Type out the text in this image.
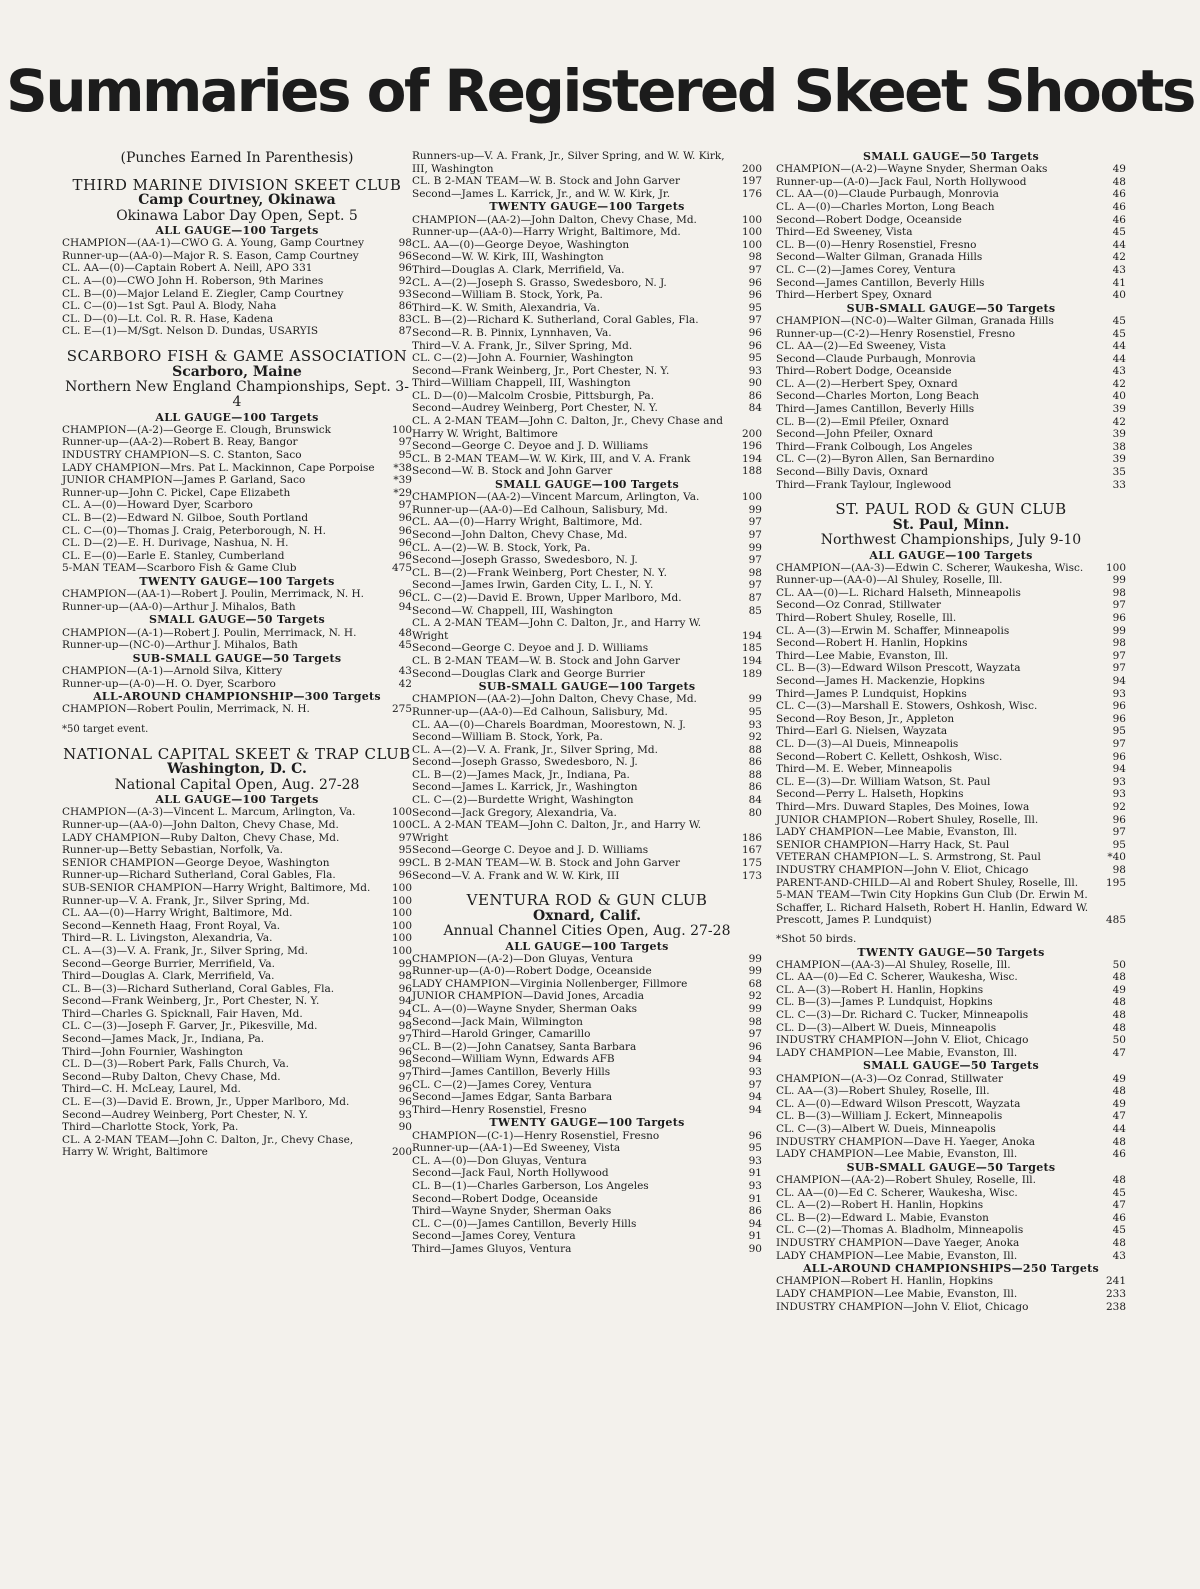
Summaries of Registered Skeet Shoots

(Punches Earned In Parenthesis)

THIRD MARINE DIVISION SKEET CLUB
Camp Courtney, Okinawa
Okinawa Labor Day Open, Sept. 5
ALL GAUGE—100 Targets
CHAMPION—(AA-1)—CWO G. A. Young, Gamp Courtney	98
Runner-up—(AA-0)—Major R. S. Eason, Camp Courtney	96
CL. AA—(0)—Captain Robert A. Neill, APO 331	96
CL. A—(0)—CWO John H. Roberson, 9th Marines	92
CL. B—(0)—Major Leland E. Ziegler, Camp Courtney	93
CL. C—(0)—1st Sgt. Paul A. Blody, Naha	86
CL. D—(0)—Lt. Col. R. R. Hase, Kadena	83
CL. E—(1)—M/Sgt. Nelson D. Dundas, USARYIS	87
SCARBORO FISH & GAME ASSOCIATION
Scarboro, Maine
Northern New England Championships, Sept. 3-4
ALL GAUGE—100 Targets
CHAMPION—(A-2)—George E. Clough, Brunswick	100
Runner-up—(AA-2)—Robert B. Reay, Bangor	97
INDUSTRY CHAMPION—S. C. Stanton, Saco	95
LADY CHAMPION—Mrs. Pat L. Mackinnon, Cape Porpoise	*38
JUNIOR CHAMPION—James P. Garland, Saco	*39
Runner-up—John C. Pickel, Cape Elizabeth	*29
CL. A—(0)—Howard Dyer, Scarboro	97
CL. B—(2)—Edward N. Gilboe, South Portland	96
CL. C—(0)—Thomas J. Craig, Peterborough, N. H.	96
CL. D—(2)—E. H. Durivage, Nashua, N. H.	96
CL. E—(0)—Earle E. Stanley, Cumberland	96
5-MAN TEAM—Scarboro Fish & Game Club	475
TWENTY GAUGE—100 Targets
CHAMPION—(AA-1)—Robert J. Poulin, Merrimack, N. H.	96
Runner-up—(AA-0)—Arthur J. Mihalos, Bath	94
SMALL GAUGE—50 Targets
CHAMPION—(A-1)—Robert J. Poulin, Merrimack, N. H.	48
Runner-up—(NC-0)—Arthur J. Mihalos, Bath	45
SUB-SMALL GAUGE—50 Targets
CHAMPION—(A-1)—Arnold Silva, Kittery	43
Runner-up—(A-0)—H. O. Dyer, Scarboro	42
ALL-AROUND CHAMPIONSHIP—300 Targets
CHAMPION—Robert Poulin, Merrimack, N. H.	275
*50 target event.
NATIONAL CAPITAL SKEET & TRAP CLUB
Washington, D. C.
National Capital Open, Aug. 27-28
ALL GAUGE—100 Targets
CHAMPION—(A-3)—Vincent L. Marcum, Arlington, Va.	100
Runner-up—(AA-0)—John Dalton, Chevy Chase, Md.	100
LADY CHAMPION—Ruby Dalton, Chevy Chase, Md.	97
Runner-up—Betty Sebastian, Norfolk, Va.	95
SENIOR CHAMPION—George Deyoe, Washington	99
Runner-up—Richard Sutherland, Coral Gables, Fla.	96
SUB-SENIOR CHAMPION—Harry Wright, Baltimore, Md.	100
Runner-up—V. A. Frank, Jr., Silver Spring, Md.	100
CL. AA—(0)—Harry Wright, Baltimore, Md.	100
Second—Kenneth Haag, Front Royal, Va.	100
Third—R. L. Livingston, Alexandria, Va.	100
CL. A—(3)—V. A. Frank, Jr., Silver Spring, Md.	100
Second—George Burrier, Merrifield, Va.	99
Third—Douglas A. Clark, Merrifield, Va.	98
CL. B—(3)—Richard Sutherland, Coral Gables, Fla.	96
Second—Frank Weinberg, Jr., Port Chester, N. Y.	94
Third—Charles G. Spicknall, Fair Haven, Md.	94
CL. C—(3)—Joseph F. Garver, Jr., Pikesville, Md.	98
Second—James Mack, Jr., Indiana, Pa.	97
Third—John Fournier, Washington	96
CL. D—(3)—Robert Park, Falls Church, Va.	98
Second—Ruby Dalton, Chevy Chase, Md.	97
Third—C. H. McLeay, Laurel, Md.	96
CL. E—(3)—David E. Brown, Jr., Upper Marlboro, Md.	96
Second—Audrey Weinberg, Port Chester, N. Y.	93
Third—Charlotte Stock, York, Pa.	90
CL. A 2-MAN TEAM—John C. Dalton, Jr., Chevy Chase, Harry W. Wright, Baltimore	200
Runners-up—V. A. Frank, Jr., Silver Spring, and W. W. Kirk, III, Washington	200
CL. B 2-MAN TEAM—W. B. Stock and John Garver	197
Second—James L. Karrick, Jr., and W. W. Kirk, Jr.	176
TWENTY GAUGE—100 Targets
CHAMPION—(AA-2)—John Dalton, Chevy Chase, Md.	100
Runner-up—(AA-0)—Harry Wright, Baltimore, Md.	100
CL. AA—(0)—George Deyoe, Washington	100
Second—W. W. Kirk, III, Washington	98
Third—Douglas A. Clark, Merrifield, Va.	97
CL. A—(2)—Joseph S. Grasso, Swedesboro, N. J.	96
Second—William B. Stock, York, Pa.	96
Third—K. W. Smith, Alexandria, Va.	95
CL. B—(2)—Richard K. Sutherland, Coral Gables, Fla.	97
Second—R. B. Pinnix, Lynnhaven, Va.	96
Third—V. A. Frank, Jr., Silver Spring, Md.	96
CL. C—(2)—John A. Fournier, Washington	95
Second—Frank Weinberg, Jr., Port Chester, N. Y.	93
Third—William Chappell, III, Washington	90
CL. D—(0)—Malcolm Crosbie, Pittsburgh, Pa.	86
Second—Audrey Weinberg, Port Chester, N. Y.	84
CL. A 2-MAN TEAM—John C. Dalton, Jr., Chevy Chase and Harry W. Wright, Baltimore	200
Second—George C. Deyoe and J. D. Williams	196
CL. B 2-MAN TEAM—W. W. Kirk, III, and V. A. Frank	194
Second—W. B. Stock and John Garver	188
SMALL GAUGE—100 Targets
CHAMPION—(AA-2)—Vincent Marcum, Arlington, Va.	100
Runner-up—(AA-0)—Ed Calhoun, Salisbury, Md.	99
CL. AA—(0)—Harry Wright, Baltimore, Md.	97
Second—John Dalton, Chevy Chase, Md.	97
CL. A—(2)—W. B. Stock, York, Pa.	99
Second—Joseph Grasso, Swedesboro, N. J.	97
CL. B—(2)—Frank Weinberg, Port Chester, N. Y.	98
Second—James Irwin, Garden City, L. I., N. Y.	97
CL. C—(2)—David E. Brown, Upper Marlboro, Md.	87
Second—W. Chappell, III, Washington	85
CL. A 2-MAN TEAM—John C. Dalton, Jr., and Harry W. Wright	194
Second—George C. Deyoe and J. D. Williams	185
CL. B 2-MAN TEAM—W. B. Stock and John Garver	194
Second—Douglas Clark and George Burrier	189
SUB-SMALL GAUGE—100 Targets
CHAMPION—(AA-2)—John Dalton, Chevy Chase, Md.	99
Runner-up—(AA-0)—Ed Calhoun, Salisbury, Md.	95
CL. AA—(0)—Charels Boardman, Moorestown, N. J.	93
Second—William B. Stock, York, Pa.	92
CL. A—(2)—V. A. Frank, Jr., Silver Spring, Md.	88
Second—Joseph Grasso, Swedesboro, N. J.	86
CL. B—(2)—James Mack, Jr., Indiana, Pa.	88
Second—James L. Karrick, Jr., Washington	86
CL. C—(2)—Burdette Wright, Washington	84
Second—Jack Gregory, Alexandria, Va.	80
CL. A 2-MAN TEAM—John C. Dalton, Jr., and Harry W. Wright	186
Second—George C. Deyoe and J. D. Williams	167
CL. B 2-MAN TEAM—W. B. Stock and John Garver	175
Second—V. A. Frank and W. W. Kirk, III	173
VENTURA ROD & GUN CLUB
Oxnard, Calif.
Annual Channel Cities Open, Aug. 27-28
ALL GAUGE—100 Targets
CHAMPION—(A-2)—Don Gluyas, Ventura	99
Runner-up—(A-0)—Robert Dodge, Oceanside	99
LADY CHAMPION—Virginia Nollenberger, Fillmore	68
JUNIOR CHAMPION—David Jones, Arcadia	92
CL. A—(0)—Wayne Snyder, Sherman Oaks	99
Second—Jack Main, Wilmington	98
Third—Harold Gringer, Camarillo	97
CL. B—(2)—John Canatsey, Santa Barbara	96
Second—William Wynn, Edwards AFB	94
Third—James Cantillon, Beverly Hills	93
CL. C—(2)—James Corey, Ventura	97
Second—James Edgar, Santa Barbara	94
Third—Henry Rosenstiel, Fresno	94
TWENTY GAUGE—100 Targets
CHAMPION—(C-1)—Henry Rosenstiel, Fresno	96
Runner-up—(AA-1)—Ed Sweeney, Vista	95
CL. A—(0)—Don Gluyas, Ventura	93
Second—Jack Faul, North Hollywood	91
CL. B—(1)—Charles Garberson, Los Angeles	93
Second—Robert Dodge, Oceanside	91
Third—Wayne Snyder, Sherman Oaks	86
CL. C—(0)—James Cantillon, Beverly Hills	94
Second—James Corey, Ventura	91
Third—James Gluyos, Ventura	90
SMALL GAUGE—50 Targets
CHAMPION—(A-2)—Wayne Snyder, Sherman Oaks	49
Runner-up—(A-0)—Jack Faul, North Hollywood	48
CL. AA—(0)—Claude Purbaugh, Monrovia	46
CL. A—(0)—Charles Morton, Long Beach	46
Second—Robert Dodge, Oceanside	46
Third—Ed Sweeney, Vista	45
CL. B—(0)—Henry Rosenstiel, Fresno	44
Second—Walter Gilman, Granada Hills	42
CL. C—(2)—James Corey, Ventura	43
Second—James Cantillon, Beverly Hills	41
Third—Herbert Spey, Oxnard	40
SUB-SMALL GAUGE—50 Targets
CHAMPION—(NC-0)—Walter Gilman, Granada Hills	45
Runner-up—(C-2)—Henry Rosenstiel, Fresno	45
CL. AA—(2)—Ed Sweeney, Vista	44
Second—Claude Purbaugh, Monrovia	44
Third—Robert Dodge, Oceanside	43
CL. A—(2)—Herbert Spey, Oxnard	42
Second—Charles Morton, Long Beach	40
Third—James Cantillon, Beverly Hills	39
CL. B—(2)—Emil Pfeiler, Oxnard	42
Second—John Pfeiler, Oxnard	39
Third—Frank Colbough, Los Angeles	38
CL. C—(2)—Byron Allen, San Bernardino	39
Second—Billy Davis, Oxnard	35
Third—Frank Taylour, Inglewood	33
ST. PAUL ROD & GUN CLUB
St. Paul, Minn.
Northwest Championships, July 9-10
ALL GAUGE—100 Targets
CHAMPION—(AA-3)—Edwin C. Scherer, Waukesha, Wisc.	100
Runner-up—(AA-0)—Al Shuley, Roselle, Ill.	99
CL. AA—(0)—L. Richard Halseth, Minneapolis	98
Second—Oz Conrad, Stillwater	97
Third—Robert Shuley, Roselle, Ill.	96
CL. A—(3)—Erwin M. Schaffer, Minneapolis	99
Second—Robert H. Hanlin, Hopkins	98
Third—Lee Mabie, Evanston, Ill.	97
CL. B—(3)—Edward Wilson Prescott, Wayzata	97
Second—James H. Mackenzie, Hopkins	94
Third—James P. Lundquist, Hopkins	93
CL. C—(3)—Marshall E. Stowers, Oshkosh, Wisc.	96
Second—Roy Beson, Jr., Appleton	96
Third—Earl G. Nielsen, Wayzata	95
CL. D—(3)—Al Dueis, Minneapolis	97
Second—Robert C. Kellett, Oshkosh, Wisc.	96
Third—M. E. Weber, Minneapolis	94
CL. E—(3)—Dr. William Watson, St. Paul	93
Second—Perry L. Halseth, Hopkins	93
Third—Mrs. Duward Staples, Des Moines, Iowa	92
JUNIOR CHAMPION—Robert Shuley, Roselle, Ill.	96
LADY CHAMPION—Lee Mabie, Evanston, Ill.	97
SENIOR CHAMPION—Harry Hack, St. Paul	95
VETERAN CHAMPION—L. S. Armstrong, St. Paul	*40
INDUSTRY CHAMPION—John V. Eliot, Chicago	98
PARENT-AND-CHILD—Al and Robert Shuley, Roselle, Ill.	195
5-MAN TEAM—Twin City Hopkins Gun Club (Dr. Erwin M. Schaffer, L. Richard Halseth, Robert H. Hanlin, Edward W. Prescott, James P. Lundquist)	485
*Shot 50 birds.
TWENTY GAUGE—50 Targets
CHAMPION—(AA-3)—Al Shuley, Roselle, Ill.	50
CL. AA—(0)—Ed C. Scherer, Waukesha, Wisc.	48
CL. A—(3)—Robert H. Hanlin, Hopkins	49
CL. B—(3)—James P. Lundquist, Hopkins	48
CL. C—(3)—Dr. Richard C. Tucker, Minneapolis	48
CL. D—(3)—Albert W. Dueis, Minneapolis	48
INDUSTRY CHAMPION—John V. Eliot, Chicago	50
LADY CHAMPION—Lee Mabie, Evanston, Ill.	47
SMALL GAUGE—50 Targets
CHAMPION—(A-3)—Oz Conrad, Stillwater	49
CL. AA—(3)—Robert Shuley, Roselle, Ill.	48
CL. A—(0)—Edward Wilson Prescott, Wayzata	49
CL. B—(3)—William J. Eckert, Minneapolis	47
CL. C—(3)—Albert W. Dueis, Minneapolis	44
INDUSTRY CHAMPION—Dave H. Yaeger, Anoka	48
LADY CHAMPION—Lee Mabie, Evanston, Ill.	46
SUB-SMALL GAUGE—50 Targets
CHAMPION—(AA-2)—Robert Shuley, Roselle, Ill.	48
CL. AA—(0)—Ed C. Scherer, Waukesha, Wisc.	45
CL. A—(2)—Robert H. Hanlin, Hopkins	47
CL. B—(2)—Edward L. Mabie, Evanston	46
CL. C—(2)—Thomas A. Bladholm, Minneapolis	45
INDUSTRY CHAMPION—Dave Yaeger, Anoka	48
LADY CHAMPION—Lee Mabie, Evanston, Ill.	43
ALL-AROUND CHAMPIONSHIPS—250 Targets
CHAMPION—Robert H. Hanlin, Hopkins	241
LADY CHAMPION—Lee Mabie, Evanston, Ill.	233
INDUSTRY CHAMPION—John V. Eliot, Chicago	238
